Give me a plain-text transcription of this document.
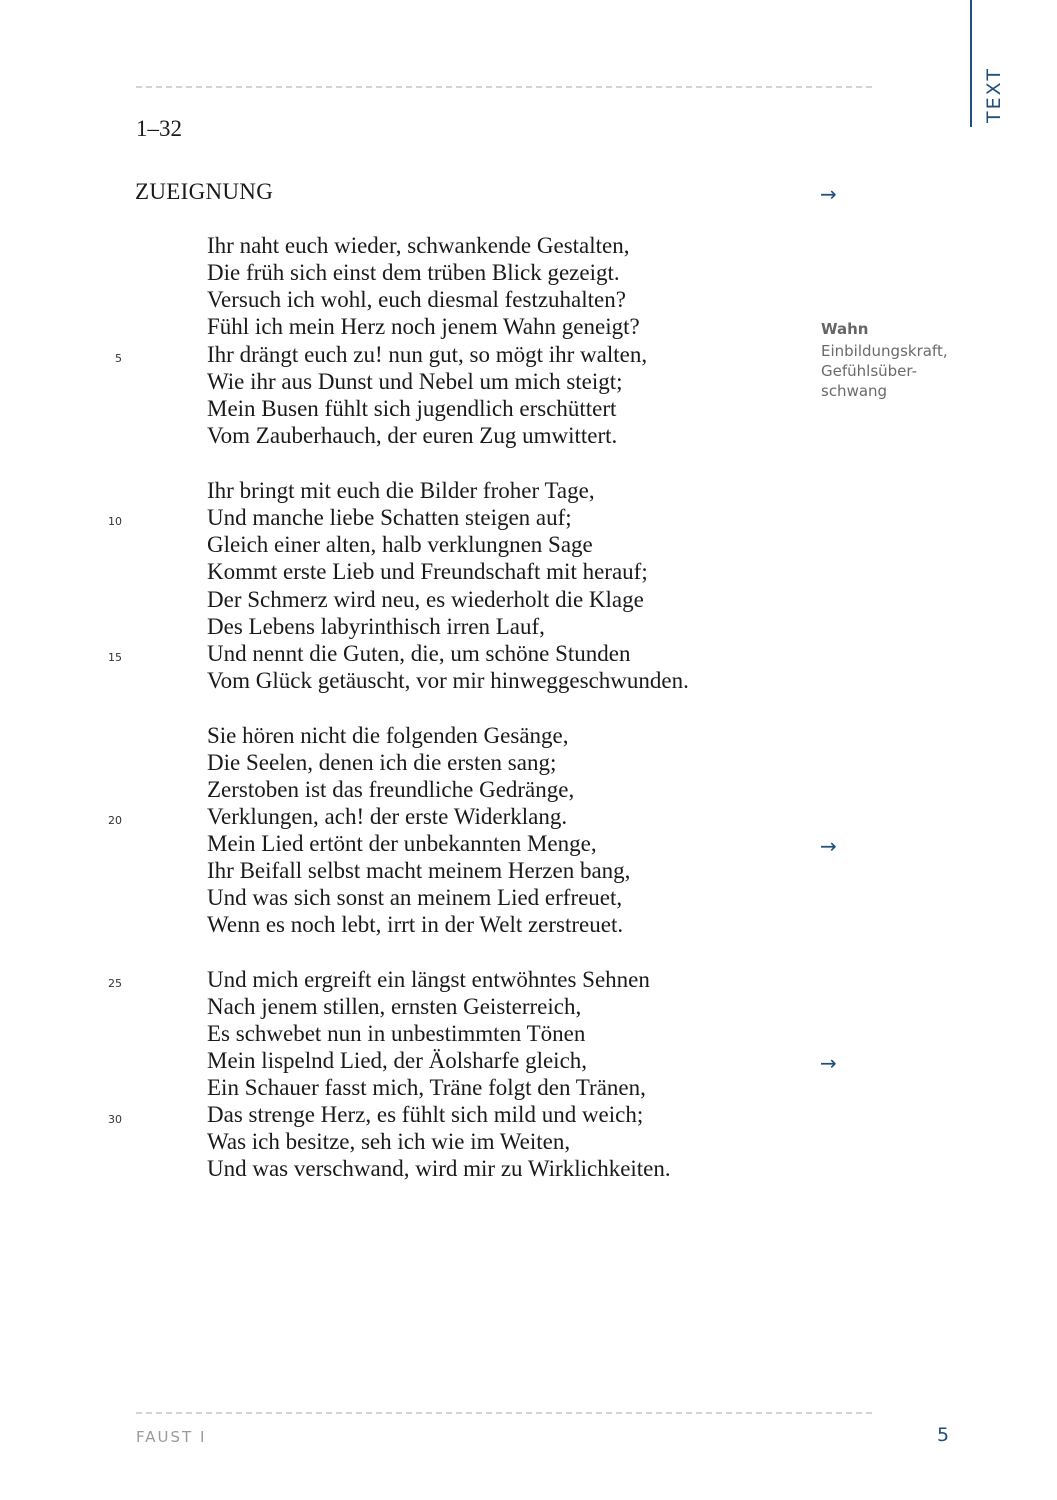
TEXT
1–32
ZUEIGNUNG
Ihr naht euch wieder, schwankende Gestalten,
Die früh sich einst dem trüben Blick gezeigt.
Versuch ich wohl, euch diesmal festzuhalten?
Fühl ich mein Herz noch jenem Wahn geneigt?
Ihr drängt euch zu! nun gut, so mögt ihr walten,
Wie ihr aus Dunst und Nebel um mich steigt;
Mein Busen fühlt sich jugendlich erschüttert
Vom Zauberhauch, der euren Zug umwittert.
Ihr bringt mit euch die Bilder froher Tage,
Und manche liebe Schatten steigen auf;
Gleich einer alten, halb verklungnen Sage
Kommt erste Lieb und Freundschaft mit herauf;
Der Schmerz wird neu, es wiederholt die Klage
Des Lebens labyrinthisch irren Lauf,
Und nennt die Guten, die, um schöne Stunden
Vom Glück getäuscht, vor mir hinweggeschwunden.
Sie hören nicht die folgenden Gesänge,
Die Seelen, denen ich die ersten sang;
Zerstoben ist das freundliche Gedränge,
Verklungen, ach! der erste Widerklang.
Mein Lied ertönt der unbekannten Menge,
Ihr Beifall selbst macht meinem Herzen bang,
Und was sich sonst an meinem Lied erfreuet,
Wenn es noch lebt, irrt in der Welt zerstreuet.
Und mich ergreift ein längst entwöhntes Sehnen
Nach jenem stillen, ernsten Geisterreich,
Es schwebet nun in unbestimmten Tönen
Mein lispelnd Lied, der Äolsharfe gleich,
Ein Schauer fasst mich, Träne folgt den Tränen,
Das strenge Herz, es fühlt sich mild und weich;
Was ich besitze, seh ich wie im Weiten,
Und was verschwand, wird mir zu Wirklichkeiten.
5
10
15
20
25
30
→
→
→
Wahn
Einbildungskraft,
Gefühlsüber-
schwang
FAUST I	5
